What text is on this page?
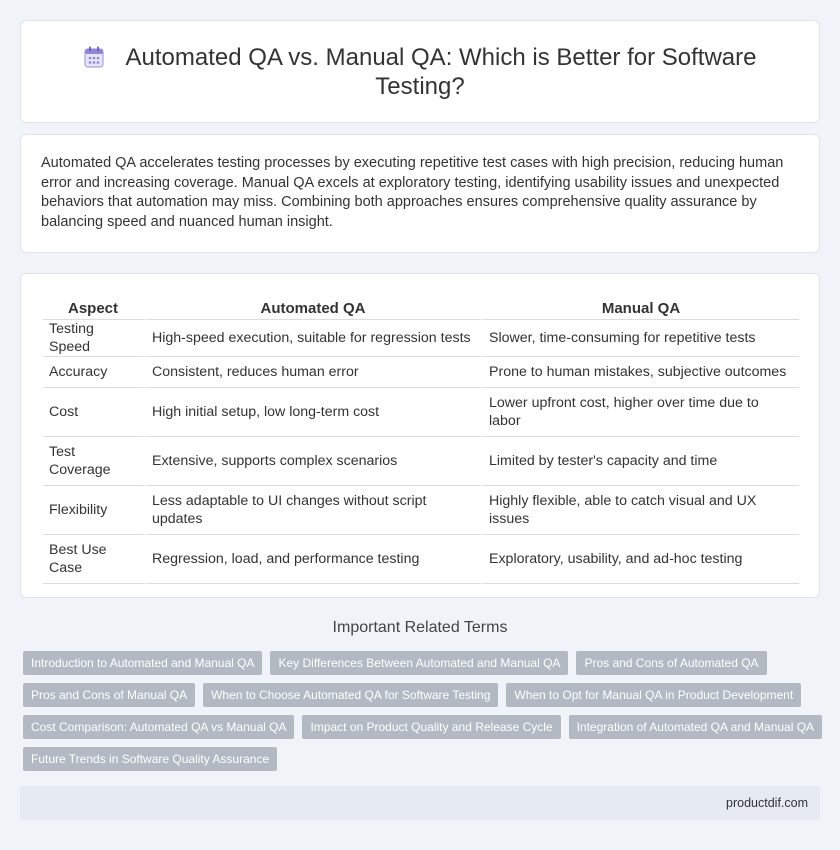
Automated QA vs. Manual QA: Which is Better for Software Testing?

Automated QA accelerates testing processes by executing repetitive test cases with high precision, reducing human error and increasing coverage. Manual QA excels at exploratory testing, identifying usability issues and unexpected behaviors that automation may miss. Combining both approaches ensures comprehensive quality assurance by balancing speed and nuanced human insight.

Aspect	Automated QA	Manual QA
Testing Speed	High-speed execution, suitable for regression tests	Slower, time-consuming for repetitive tests
Accuracy	Consistent, reduces human error	Prone to human mistakes, subjective outcomes
Cost	High initial setup, low long-term cost	Lower upfront cost, higher over time due to labor
Test Coverage	Extensive, supports complex scenarios	Limited by tester's capacity and time
Flexibility	Less adaptable to UI changes without script updates	Highly flexible, able to catch visual and UX issues
Best Use Case	Regression, load, and performance testing	Exploratory, usability, and ad-hoc testing
Important Related Terms
Introduction to Automated and Manual QA	Key Differences Between Automated and Manual QA	Pros and Cons of Automated QA
Pros and Cons of Manual QA	When to Choose Automated QA for Software Testing	When to Opt for Manual QA in Product Development
Cost Comparison: Automated QA vs Manual QA	Impact on Product Quality and Release Cycle	Integration of Automated QA and Manual QA
Future Trends in Software Quality Assurance
productdif.com
